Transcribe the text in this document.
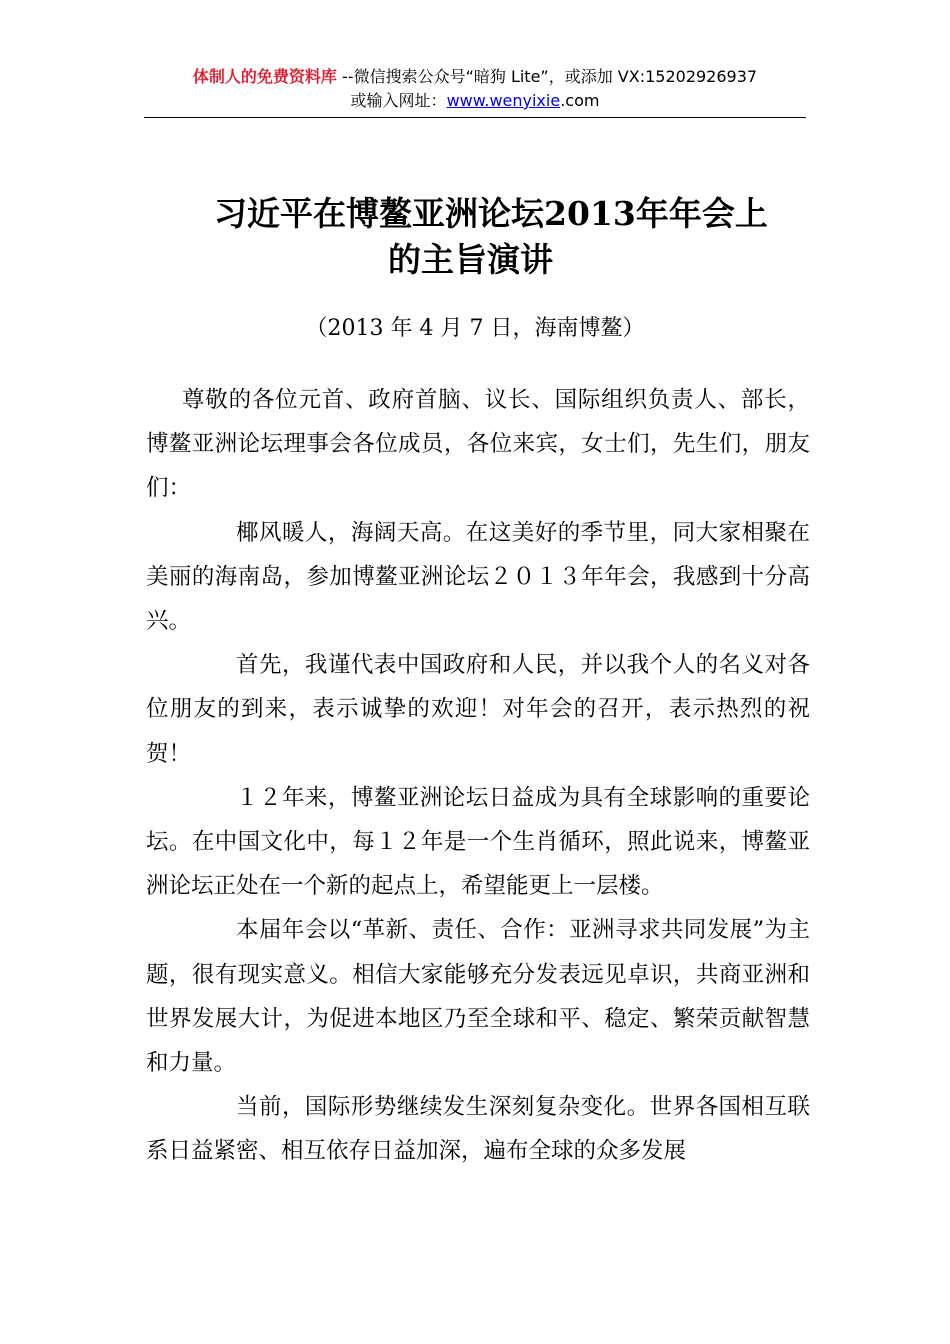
体制人的免费资料库 --微信搜索公众号“暗狗 Lite”，或添加 VX:15202926937
或输入网址：www.wenyixie.com
习近平在博鳌亚洲论坛2013年年会上
的主旨演讲
（2013 年 4 月 7 日，海南博鳌）

尊敬的各位元首、政府首脑、议长、国际组织负责人、部长，博鳌亚洲论坛理事会各位成员，各位来宾，女士们，先生们，朋友们：

椰风暖人，海阔天高。在这美好的季节里，同大家相聚在美丽的海南岛，参加博鳌亚洲论坛２０１３年年会，我感到十分高兴。

首先，我谨代表中国政府和人民，并以我个人的名义对各位朋友的到来，表示诚挚的欢迎！对年会的召开，表示热烈的祝贺！

１２年来，博鳌亚洲论坛日益成为具有全球影响的重要论坛。在中国文化中，每１２年是一个生肖循环，照此说来，博鳌亚洲论坛正处在一个新的起点上，希望能更上一层楼。

本届年会以“革新、责任、合作：亚洲寻求共同发展”为主题，很有现实意义。相信大家能够充分发表远见卓识，共商亚洲和世界发展大计，为促进本地区乃至全球和平、稳定、繁荣贡献智慧和力量。

当前，国际形势继续发生深刻复杂变化。世界各国相互联系日益紧密、相互依存日益加深，遍布全球的众多发展
